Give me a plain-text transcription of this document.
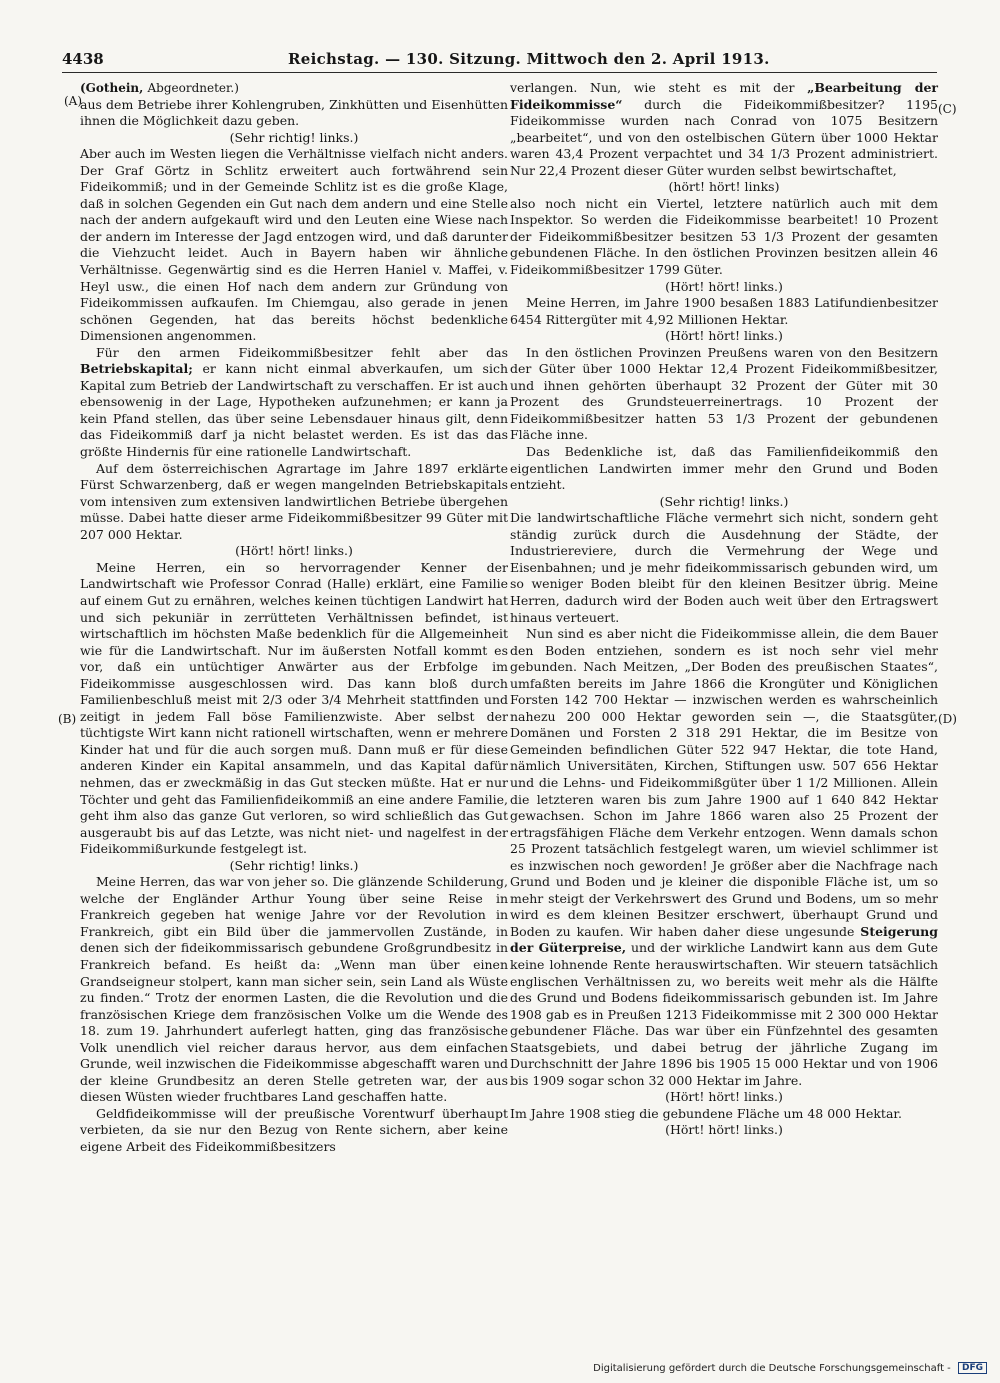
4438	Reichstag. — 130. Sitzung. Mittwoch den 2. April 1913.
(A)
(B)
(C)
(D)

(Gothein, Abgeordneter.)

aus dem Betriebe ihrer Kohlengruben, Zinkhütten und Eisenhütten ihnen die Möglichkeit dazu geben.

(Sehr richtig! links.)

Aber auch im Westen liegen die Verhältnisse vielfach nicht anders. Der Graf Görtz in Schlitz erweitert auch fortwährend sein Fideikommiß; und in der Gemeinde Schlitz ist es die große Klage, daß in solchen Gegenden ein Gut nach dem andern und eine Stelle nach der andern aufgekauft wird und den Leuten eine Wiese nach der andern im Interesse der Jagd entzogen wird, und daß darunter die Viehzucht leidet. Auch in Bayern haben wir ähnliche Verhältnisse. Gegenwärtig sind es die Herren Haniel v. Maffei, v. Heyl usw., die einen Hof nach dem andern zur Gründung von Fideikommissen aufkaufen. Im Chiemgau, also gerade in jenen schönen Gegenden, hat das bereits höchst bedenkliche Dimensionen angenommen.

Für den armen Fideikommißbesitzer fehlt aber das Betriebskapital; er kann nicht einmal abverkaufen, um sich Kapital zum Betrieb der Landwirtschaft zu verschaffen. Er ist auch ebensowenig in der Lage, Hypotheken aufzunehmen; er kann ja kein Pfand stellen, das über seine Lebensdauer hinaus gilt, denn das Fideikommiß darf ja nicht belastet werden. Es ist das das größte Hindernis für eine rationelle Landwirtschaft.

Auf dem österreichischen Agrartage im Jahre 1897 erklärte Fürst Schwarzenberg, daß er wegen mangelnden Betriebskapitals vom intensiven zum extensiven landwirtlichen Betriebe übergehen müsse. Dabei hatte dieser arme Fideikommißbesitzer 99 Güter mit 207 000 Hektar.

(Hört! hört! links.)

Meine Herren, ein so hervorragender Kenner der Landwirtschaft wie Professor Conrad (Halle) erklärt, eine Familie auf einem Gut zu ernähren, welches keinen tüchtigen Landwirt hat und sich pekuniär in zerrütteten Verhältnissen befindet, ist wirtschaftlich im höchsten Maße bedenklich für die Allgemeinheit wie für die Landwirtschaft. Nur im äußersten Notfall kommt es vor, daß ein untüchtiger Anwärter aus der Erbfolge im Fideikommisse ausgeschlossen wird. Das kann bloß durch Familienbeschluß meist mit 2/3 oder 3/4 Mehrheit stattfinden und zeitigt in jedem Fall böse Familienzwiste. Aber selbst der tüchtigste Wirt kann nicht rationell wirtschaften, wenn er mehrere Kinder hat und für die auch sorgen muß. Dann muß er für diese anderen Kinder ein Kapital ansammeln, und das Kapital dafür nehmen, das er zweckmäßig in das Gut stecken müßte. Hat er nur Töchter und geht das Familienfideikommiß an eine andere Familie, geht ihm also das ganze Gut verloren, so wird schließlich das Gut ausgeraubt bis auf das Letzte, was nicht niet- und nagelfest in der Fideikommißurkunde festgelegt ist.

(Sehr richtig! links.)

Meine Herren, das war von jeher so. Die glänzende Schilderung, welche der Engländer Arthur Young über seine Reise in Frankreich gegeben hat wenige Jahre vor der Revolution in Frankreich, gibt ein Bild über die jammervollen Zustände, in denen sich der fideikommissarisch gebundene Großgrundbesitz in Frankreich befand. Es heißt da: „Wenn man über einen Grandseigneur stolpert, kann man sicher sein, sein Land als Wüste zu finden.“ Trotz der enormen Lasten, die die Revolution und die französischen Kriege dem französischen Volke um die Wende des 18. zum 19. Jahrhundert auferlegt hatten, ging das französische Volk unendlich viel reicher daraus hervor, aus dem einfachen Grunde, weil inzwischen die Fideikommisse abgeschafft waren und der kleine Grundbesitz an deren Stelle getreten war, der aus diesen Wüsten wieder fruchtbares Land geschaffen hatte.

Geldfideikommisse will der preußische Vorentwurf überhaupt verbieten, da sie nur den Bezug von Rente sichern, aber keine eigene Arbeit des Fideikommißbesitzers

verlangen. Nun, wie steht es mit der „Bearbeitung der Fideikommisse“ durch die Fideikommißbesitzer? 1195 Fideikommisse wurden nach Conrad von 1075 Besitzern „bearbeitet“, und von den ostelbischen Gütern über 1000 Hektar waren 43,4 Prozent verpachtet und 34 1/3 Prozent administriert. Nur 22,4 Prozent dieser Güter wurden selbst bewirtschaftet,

(hört! hört! links)

also noch nicht ein Viertel, letztere natürlich auch mit dem Inspektor. So werden die Fideikommisse bearbeitet! 10 Prozent der Fideikommißbesitzer besitzen 53 1/3 Prozent der gesamten gebundenen Fläche. In den östlichen Provinzen besitzen allein 46 Fideikommißbesitzer 1799 Güter.

(Hört! hört! links.)

Meine Herren, im Jahre 1900 besaßen 1883 Latifundienbesitzer 6454 Rittergüter mit 4,92 Millionen Hektar.

(Hört! hört! links.)

In den östlichen Provinzen Preußens waren von den Besitzern der Güter über 1000 Hektar 12,4 Prozent Fideikommißbesitzer, und ihnen gehörten überhaupt 32 Prozent der Güter mit 30 Prozent des Grundsteuerreinertrags. 10 Prozent der Fideikommißbesitzer hatten 53 1/3 Prozent der gebundenen Fläche inne.

Das Bedenkliche ist, daß das Familienfideikommiß den eigentlichen Landwirten immer mehr den Grund und Boden entzieht.

(Sehr richtig! links.)

Die landwirtschaftliche Fläche vermehrt sich nicht, sondern geht ständig zurück durch die Ausdehnung der Städte, der Industriereviere, durch die Vermehrung der Wege und Eisenbahnen; und je mehr fideikommissarisch gebunden wird, um so weniger Boden bleibt für den kleinen Besitzer übrig. Meine Herren, dadurch wird der Boden auch weit über den Ertragswert hinaus verteuert.

Nun sind es aber nicht die Fideikommisse allein, die dem Bauer den Boden entziehen, sondern es ist noch sehr viel mehr gebunden. Nach Meitzen, „Der Boden des preußischen Staates“, umfaßten bereits im Jahre 1866 die Krongüter und Königlichen Forsten 142 700 Hektar — inzwischen werden es wahrscheinlich nahezu 200 000 Hektar geworden sein —, die Staatsgüter, Domänen und Forsten 2 318 291 Hektar, die im Besitze von Gemeinden befindlichen Güter 522 947 Hektar, die tote Hand, nämlich Universitäten, Kirchen, Stiftungen usw. 507 656 Hektar und die Lehns- und Fideikommißgüter über 1 1/2 Millionen. Allein die letzteren waren bis zum Jahre 1900 auf 1 640 842 Hektar gewachsen. Schon im Jahre 1866 waren also 25 Prozent der ertragsfähigen Fläche dem Verkehr entzogen. Wenn damals schon 25 Prozent tatsächlich festgelegt waren, um wieviel schlimmer ist es inzwischen noch geworden! Je größer aber die Nachfrage nach Grund und Boden und je kleiner die disponible Fläche ist, um so mehr steigt der Verkehrswert des Grund und Bodens, um so mehr wird es dem kleinen Besitzer erschwert, überhaupt Grund und Boden zu kaufen. Wir haben daher diese ungesunde Steigerung der Güterpreise, und der wirkliche Landwirt kann aus dem Gute keine lohnende Rente herauswirtschaften. Wir steuern tatsächlich englischen Verhältnissen zu, wo bereits weit mehr als die Hälfte des Grund und Bodens fideikommissarisch gebunden ist. Im Jahre 1908 gab es in Preußen 1213 Fideikommisse mit 2 300 000 Hektar gebundener Fläche. Das war über ein Fünfzehntel des gesamten Staatsgebiets, und dabei betrug der jährliche Zugang im Durchschnitt der Jahre 1896 bis 1905 15 000 Hektar und von 1906 bis 1909 sogar schon 32 000 Hektar im Jahre.

(Hört! hört! links.)

Im Jahre 1908 stieg die gebundene Fläche um 48 000 Hektar.

(Hört! hört! links.)

Digitalisierung gefördert durch die Deutsche Forschungsgemeinschaft - DFG
